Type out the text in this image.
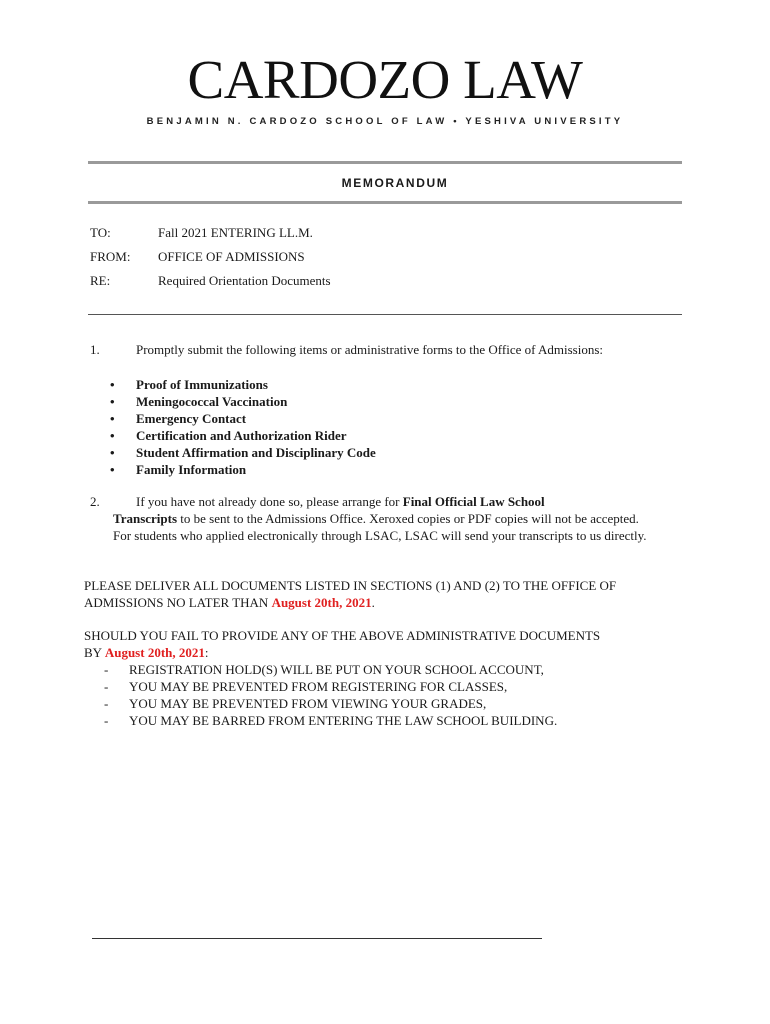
CARDOZO LAW
BENJAMIN N. CARDOZO SCHOOL OF LAW • YESHIVA UNIVERSITY
MEMORANDUM
TO:	Fall 2021 ENTERING LL.M.
FROM: OFFICE OF ADMISSIONS
RE:	Required Orientation Documents
1.	Promptly submit the following items or administrative forms to the Office of Admissions:
• Proof of Immunizations
• Meningococcal Vaccination
• Emergency Contact
• Certification and Authorization Rider
• Student Affirmation and Disciplinary Code
• Family Information
2.	If you have not already done so, please arrange for Final Official Law School

Transcripts to be sent to the Admissions Office. Xeroxed copies or PDF copies will not be accepted. For students who applied electronically through LSAC, LSAC will send your transcripts to us directly.
PLEASE DELIVER ALL DOCUMENTS LISTED IN SECTIONS (1) AND (2) TO THE OFFICE OF ADMISSIONS NO LATER THAN August 20th, 2021.
SHOULD YOU FAIL TO PROVIDE ANY OF THE ABOVE ADMINISTRATIVE DOCUMENTS
BY August 20th, 2021:
- REGISTRATION HOLD(S) WILL BE PUT ON YOUR SCHOOL ACCOUNT,
- YOU MAY BE PREVENTED FROM REGISTERING FOR CLASSES,
- YOU MAY BE PREVENTED FROM VIEWING YOUR GRADES,
- YOU MAY BE BARRED FROM ENTERING THE LAW SCHOOL BUILDING.
